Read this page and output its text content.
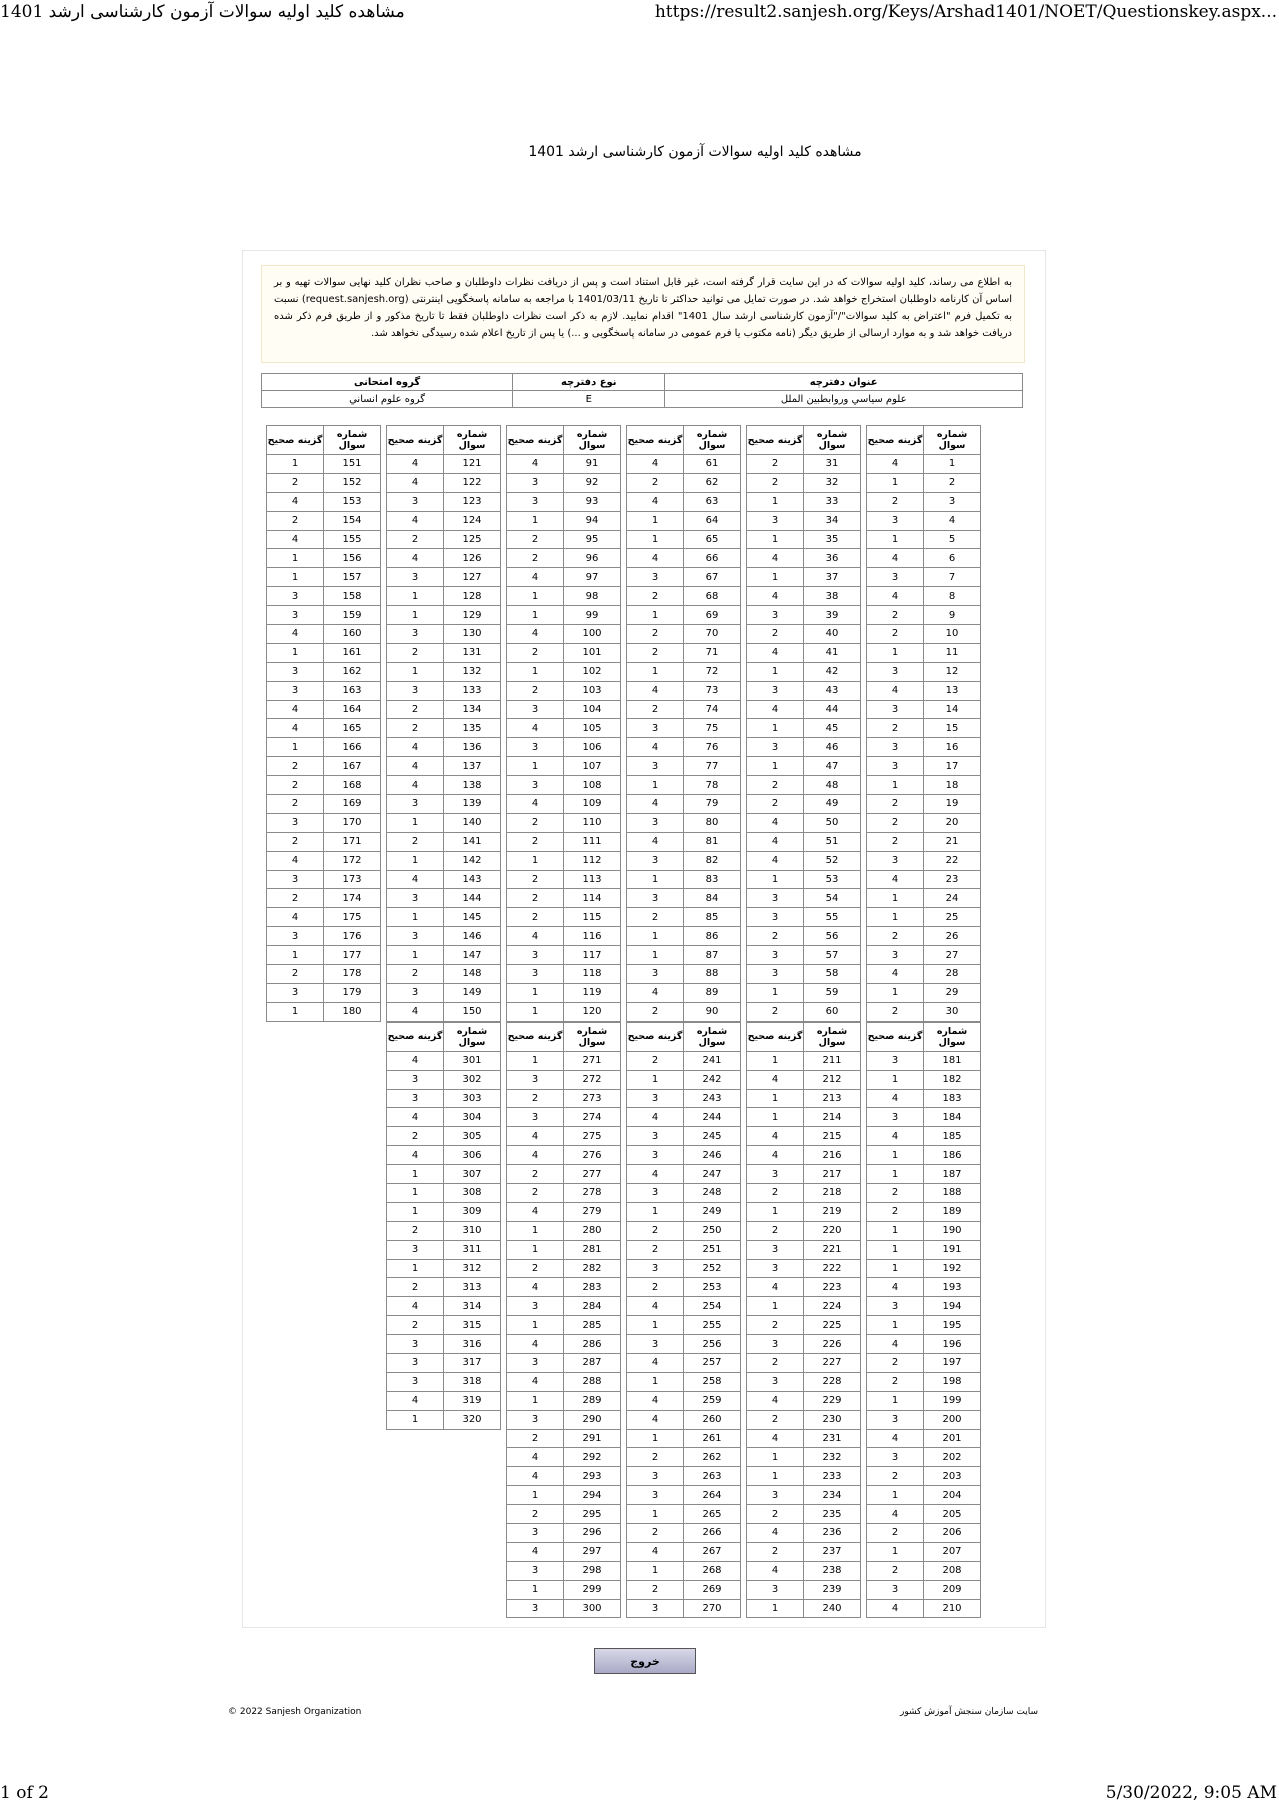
مشاهده کلید اولیه سوالات آزمون کارشناسی ارشد 1401	https://result2.sanjesh.org/Keys/Arshad1401/NOET/Questionskey.aspx...
مشاهده کلید اولیه سوالات آزمون کارشناسی ارشد 1401
به اطلاع می رساند، کلید اولیه سوالات که در این سایت قرار گرفته است، غیر قابل استناد است و پس از دریافت نظرات داوطلبان و صاحب نظران کلید نهایی سوالات تهیه و بر اساس آن کارنامه داوطلبان استخراج خواهد شد. در صورت تمایل می توانید حداکثر تا تاریخ 1401/03/11 با مراجعه به سامانه پاسخگویی اینترنتی (request.sanjesh.org) نسبت به تکمیل فرم "اعتراض به کلید سوالات"/"آزمون کارشناسی ارشد سال 1401" اقدام نمایید. لازم به ذکر است نظرات داوطلبان فقط تا تاریخ مذکور و از طریق فرم ذکر شده دریافت خواهد شد و به موارد ارسالی از طریق دیگر (نامه مکتوب یا فرم عمومی در سامانه پاسخگویی و ...) یا پس از تاریخ اعلام شده رسیدگی نخواهد شد.
عنوان دفترچه	نوع دفترچه	گروه امتحانی
علوم سياسي وروابطبين الملل	E	گروه علوم انساني
شماره سوال	گزینه صحیح
1	4
2	1
3	2
4	3
5	1
6	4
7	3
8	4
9	2
10	2
11	1
12	3
13	4
14	3
15	2
16	3
17	3
18	1
19	2
20	2
21	2
22	3
23	4
24	1
25	1
26	2
27	3
28	4
29	1
30	2
شماره سوال	گزینه صحیح
31	2
32	2
33	1
34	3
35	1
36	4
37	1
38	4
39	3
40	2
41	4
42	1
43	3
44	4
45	1
46	3
47	1
48	2
49	2
50	4
51	4
52	4
53	1
54	3
55	3
56	2
57	3
58	3
59	1
60	2
شماره سوال	گزینه صحیح
61	4
62	2
63	4
64	1
65	1
66	4
67	3
68	2
69	1
70	2
71	2
72	1
73	4
74	2
75	3
76	4
77	3
78	1
79	4
80	3
81	4
82	3
83	1
84	3
85	2
86	1
87	1
88	3
89	4
90	2
شماره سوال	گزینه صحیح
91	4
92	3
93	3
94	1
95	2
96	2
97	4
98	1
99	1
100	4
101	2
102	1
103	2
104	3
105	4
106	3
107	1
108	3
109	4
110	2
111	2
112	1
113	2
114	2
115	2
116	4
117	3
118	3
119	1
120	1
شماره سوال	گزینه صحیح
121	4
122	4
123	3
124	4
125	2
126	4
127	3
128	1
129	1
130	3
131	2
132	1
133	3
134	2
135	2
136	4
137	4
138	4
139	3
140	1
141	2
142	1
143	4
144	3
145	1
146	3
147	1
148	2
149	3
150	4
شماره سوال	گزینه صحیح
151	1
152	2
153	4
154	2
155	4
156	1
157	1
158	3
159	3
160	4
161	1
162	3
163	3
164	4
165	4
166	1
167	2
168	2
169	2
170	3
171	2
172	4
173	3
174	2
175	4
176	3
177	1
178	2
179	3
180	1
شماره سوال	گزینه صحیح
181	3
182	1
183	4
184	3
185	4
186	1
187	1
188	2
189	2
190	1
191	1
192	1
193	4
194	3
195	1
196	4
197	2
198	2
199	1
200	3
201	4
202	3
203	2
204	1
205	4
206	2
207	1
208	2
209	3
210	4
شماره سوال	گزینه صحیح
211	1
212	4
213	1
214	1
215	4
216	4
217	3
218	2
219	1
220	2
221	3
222	3
223	4
224	1
225	2
226	3
227	2
228	3
229	4
230	2
231	4
232	1
233	1
234	3
235	2
236	4
237	2
238	4
239	3
240	1
شماره سوال	گزینه صحیح
241	2
242	1
243	3
244	4
245	3
246	3
247	4
248	3
249	1
250	2
251	2
252	3
253	2
254	4
255	1
256	3
257	4
258	1
259	4
260	4
261	1
262	2
263	3
264	3
265	1
266	2
267	4
268	1
269	2
270	3
شماره سوال	گزینه صحیح
271	1
272	3
273	2
274	3
275	4
276	4
277	2
278	2
279	4
280	1
281	1
282	2
283	4
284	3
285	1
286	4
287	3
288	4
289	1
290	3
291	2
292	4
293	4
294	1
295	2
296	3
297	4
298	3
299	1
300	3
شماره سوال	گزینه صحیح
301	4
302	3
303	3
304	4
305	2
306	4
307	1
308	1
309	1
310	2
311	3
312	1
313	2
314	4
315	2
316	3
317	3
318	3
319	4
320	1
خروج
© 2022 Sanjesh Organization	سایت سازمان سنجش آموزش کشور
1 of 2	5/30/2022, 9:05 AM
